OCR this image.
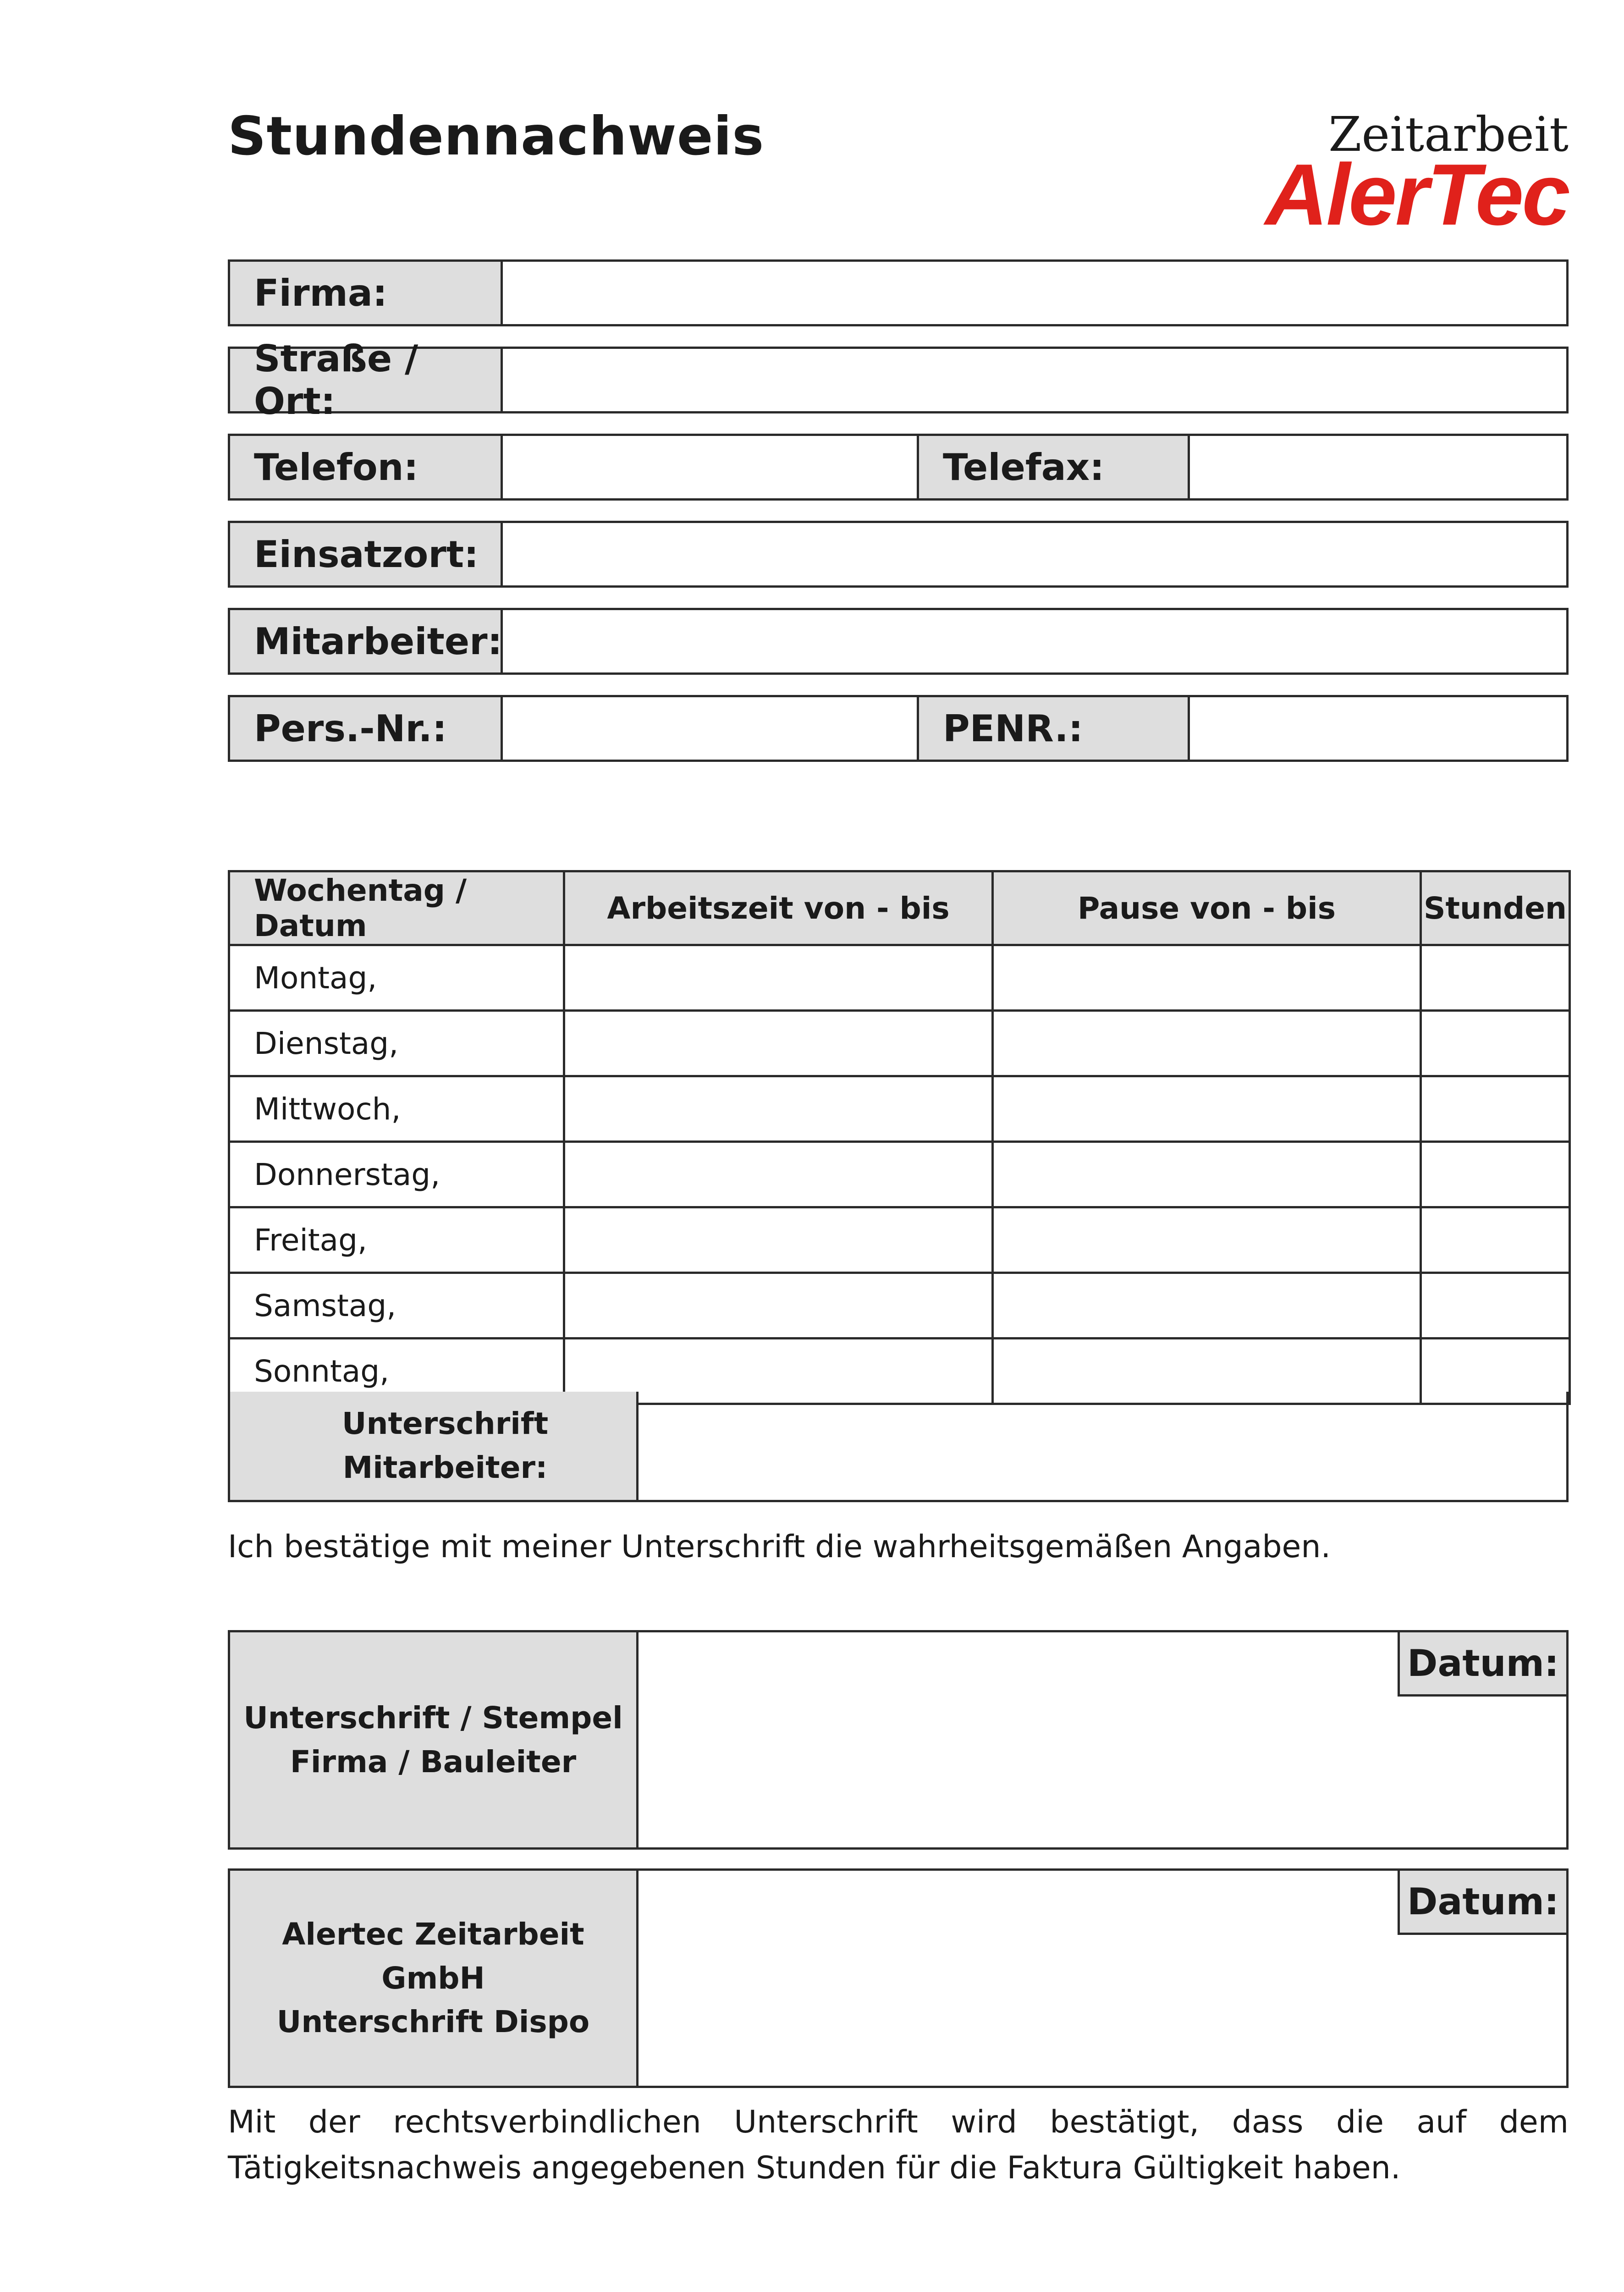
Stundennachweis	Zeitarbeit
AlerTec
Firma:
Straße / Ort:
Telefon:	Telefax:
Einsatzort:
Mitarbeiter:
Pers.-Nr.:	PENR.:
Wochentag / Datum	Arbeitszeit von - bis	Pause von - bis	Stunden
Montag,			
Dienstag,			
Mittwoch,			
Donnerstag,			
Freitag,			
Samstag,			
Sonntag,			
Unterschrift Mitarbeiter:
Ich bestätige mit meiner Unterschrift die wahrheitsgemäßen Angaben.
Unterschrift / Stempel
Firma / Bauleiter
Datum:
Alertec Zeitarbeit GmbH
Unterschrift Dispo
Datum:
Mit der rechtsverbindlichen Unterschrift wird bestätigt, dass die auf dem
Tätigkeitsnachweis angegebenen Stunden für die Faktura Gültigkeit haben.
